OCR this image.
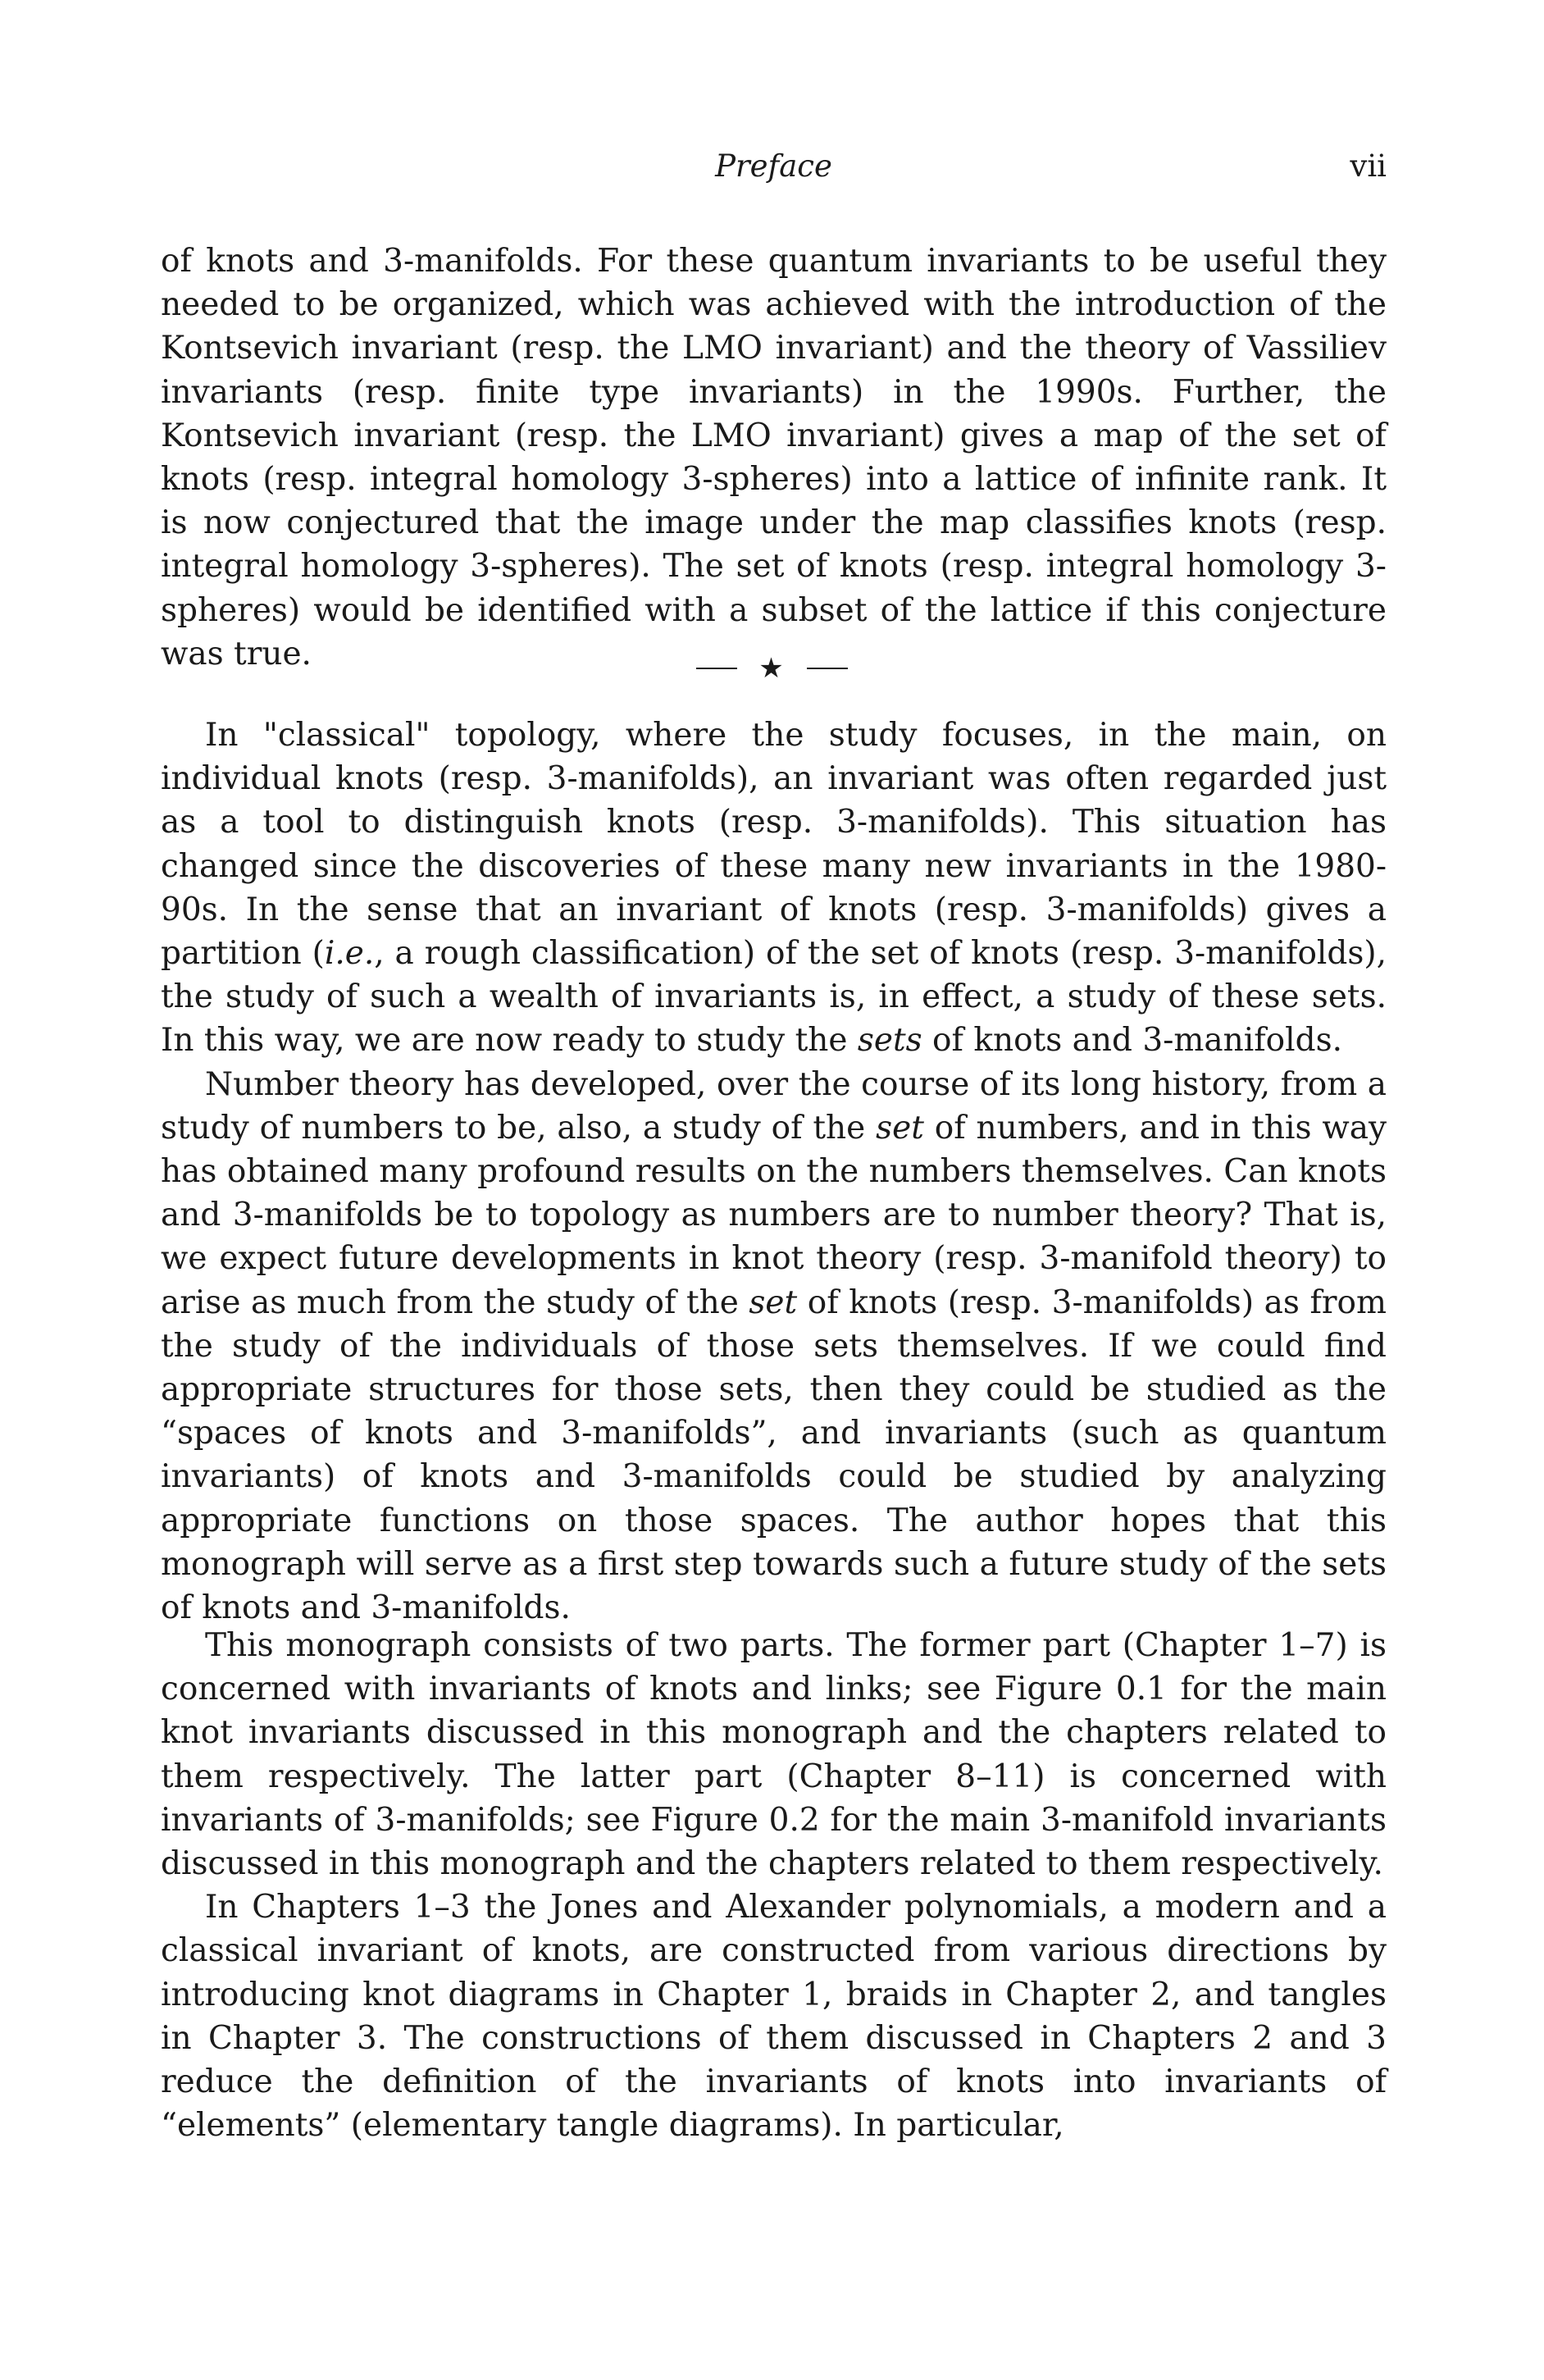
Preface	vii

of knots and 3-manifolds. For these quantum invariants to be useful they needed to be organized, which was achieved with the introduction of the Kontsevich invariant (resp. the LMO invariant) and the theory of Vassiliev invariants (resp. finite type invariants) in the 1990s. Further, the Kontsevich invariant (resp. the LMO invariant) gives a map of the set of knots (resp. integral homology 3-spheres) into a lattice of infinite rank. It is now conjectured that the image under the map classifies knots (resp. integral homology 3-spheres). The set of knots (resp. integral homology 3-spheres) would be identified with a subset of the lattice if this conjecture was true.	★

In "classical" topology, where the study focuses, in the main, on individual knots (resp. 3-manifolds), an invariant was often regarded just as a tool to distinguish knots (resp. 3-manifolds). This situation has changed since the discoveries of these many new invariants in the 1980-90s. In the sense that an invariant of knots (resp. 3-manifolds) gives a partition (i.e., a rough classification) of the set of knots (resp. 3-manifolds), the study of such a wealth of invariants is, in effect, a study of these sets. In this way, we are now ready to study the sets of knots and 3-manifolds.

Number theory has developed, over the course of its long history, from a study of numbers to be, also, a study of the set of numbers, and in this way has obtained many profound results on the numbers themselves. Can knots and 3-manifolds be to topology as numbers are to number theory? That is, we expect future developments in knot theory (resp. 3-manifold theory) to arise as much from the study of the set of knots (resp. 3-manifolds) as from the study of the individuals of those sets themselves. If we could find appropriate structures for those sets, then they could be studied as the “spaces of knots and 3-manifolds”, and invariants (such as quantum invariants) of knots and 3-manifolds could be studied by analyzing appropriate functions on those spaces. The author hopes that this monograph will serve as a first step towards such a future study of the sets of knots and 3-manifolds.

This monograph consists of two parts. The former part (Chapter 1–7) is concerned with invariants of knots and links; see Figure 0.1 for the main knot invariants discussed in this monograph and the chapters related to them respectively. The latter part (Chapter 8–11) is concerned with invariants of 3-manifolds; see Figure 0.2 for the main 3-manifold invariants discussed in this monograph and the chapters related to them respectively.

In Chapters 1–3 the Jones and Alexander polynomials, a modern and a classical invariant of knots, are constructed from various directions by introducing knot diagrams in Chapter 1, braids in Chapter 2, and tangles in Chapter 3. The constructions of them discussed in Chapters 2 and 3 reduce the definition of the invariants of knots into invariants of “elements” (elementary tangle diagrams). In particular,
